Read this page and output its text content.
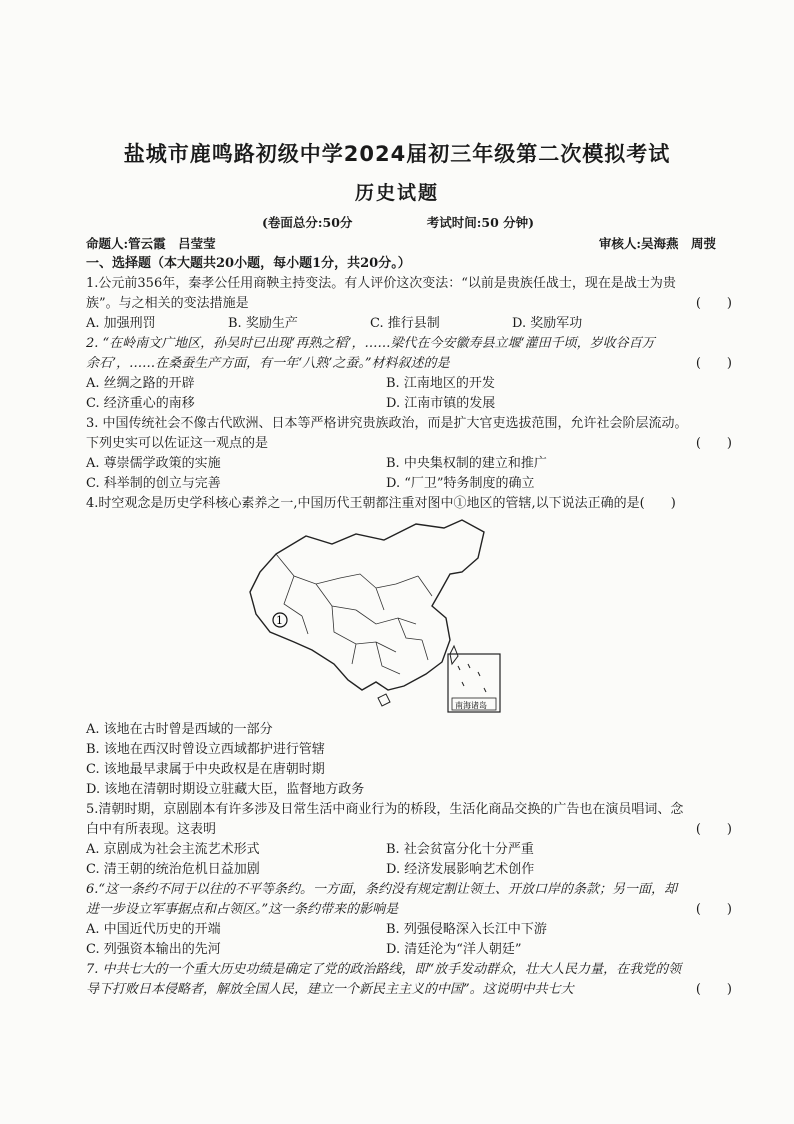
盐城市鹿鸣路初级中学2024届初三年级第二次模拟考试
历史试题
(卷面总分:50分	考试时间:50 分钟)
命题人:管云霞　吕莹莹	审核人:吴海燕　周弢
一、选择题（本大题共20小题，每小题1分，共20分。）
1.公元前356年，秦孝公任用商鞅主持变法。有人评价这次变法：“以前是贵族任战士，现在是战士为贵
族”。与之相关的变法措施是	(　　)
A. 加强刑罚	B. 奖励生产	C. 推行县制	D. 奖励军功
2. “在岭南文广地区，孙吴时已出现‘再熟之稻’，……梁代在今安徽寿县立堰‘灌田千顷，岁收谷百万
余石’，……在桑蚕生产方面，有一年‘八熟’之蚕。”材料叙述的是	(　　)
A. 丝绸之路的开辟	B. 江南地区的开发
C. 经济重心的南移	D. 江南市镇的发展
3. 中国传统社会不像古代欧洲、日本等严格讲究贵族政治，而是扩大官吏选拔范围，允许社会阶层流动。
下列史实可以佐证这一观点的是	(　　)
A. 尊崇儒学政策的实施	B. 中央集权制的建立和推广
C. 科举制的创立与完善	D. “厂卫”特务制度的确立
4.时空观念是历史学科核心素养之一,中国历代王朝都注重对图中①地区的管辖,以下说法正确的是(　　)
1
南海诸岛
A. 该地在古时曾是西域的一部分
B. 该地在西汉时曾设立西域都护进行管辖
C. 该地最早隶属于中央政权是在唐朝时期
D. 该地在清朝时期设立驻藏大臣，监督地方政务
5.清朝时期，京剧剧本有许多涉及日常生活中商业行为的桥段，生活化商品交换的广告也在演员唱词、念
白中有所表现。这表明	(　　)
A. 京剧成为社会主流艺术形式	B. 社会贫富分化十分严重
C. 清王朝的统治危机日益加剧	D. 经济发展影响艺术创作
6.“这一条约不同于以往的不平等条约。一方面，条约没有规定割让领土、开放口岸的条款；另一面，却
进一步设立军事据点和占领区。”这一条约带来的影响是	(　　)
A. 中国近代历史的开端	B. 列强侵略深入长江中下游
C. 列强资本输出的先河	D. 清廷沦为“洋人朝廷”
7. 中共七大的一个重大历史功绩是确定了党的政治路线，即“放手发动群众，壮大人民力量，在我党的领
导下打败日本侵略者，解放全国人民，建立一个新民主主义的中国”。这说明中共七大	(　　)
